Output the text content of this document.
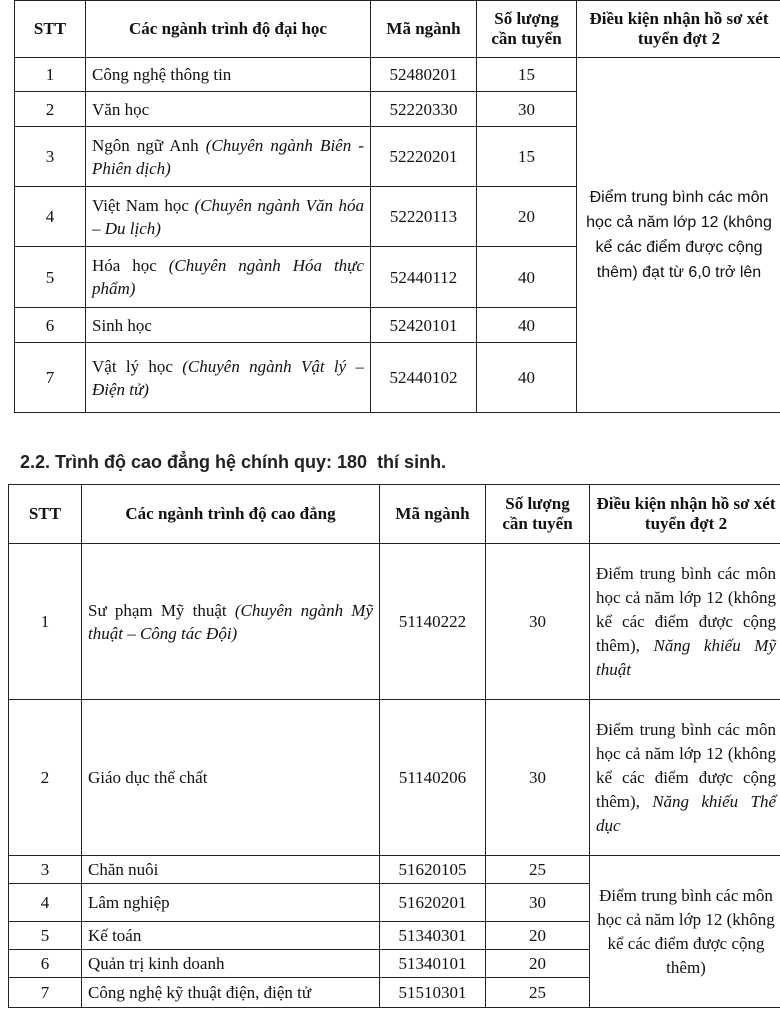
STT	Các ngành trình độ đại học	Mã ngành	Số lượng cần tuyển	Điều kiện nhận hồ sơ xét tuyển đợt 2
1	Công nghệ thông tin	52480201	15	Điểm trung bình các môn học cả năm lớp 12 (không kể các điểm được cộng thêm) đạt từ 6,0 trở lên
2	Văn học	52220330	30	
3	Ngôn ngữ Anh (Chuyên ngành Biên - Phiên dịch)	52220201	15	
4	Việt Nam học (Chuyên ngành Văn hóa – Du lịch)	52220113	20	
5	Hóa học (Chuyên ngành Hóa thực phẩm)	52440112	40	
6	Sinh học	52420101	40	
7	Vật lý học (Chuyên ngành Vật lý – Điện tử)	52440102	40	
2.2. Trình độ cao đẳng hệ chính quy: 180  thí sinh.
STT	Các ngành trình độ cao đẳng	Mã ngành	Số lượng cần tuyển	Điều kiện nhận hồ sơ xét tuyển đợt 2
1	Sư phạm Mỹ thuật (Chuyên ngành Mỹ thuật – Công tác Đội)	51140222	30	Điểm trung bình các môn học cả năm lớp 12 (không kể các điểm được cộng thêm), Năng khiếu Mỹ thuật
2	Giáo dục thể chất	51140206	30	Điểm trung bình các môn học cả năm lớp 12 (không kể các điểm được cộng thêm), Năng khiếu Thể dục
3	Chăn nuôi	51620105	25	Điểm trung bình các môn học cả năm lớp 12 (không kể các điểm được cộng thêm)
4	Lâm nghiệp	51620201	30	
5	Kế toán	51340301	20	
6	Quản trị kinh doanh	51340101	20	
7	Công nghệ kỹ thuật điện, điện tử	51510301	25	
